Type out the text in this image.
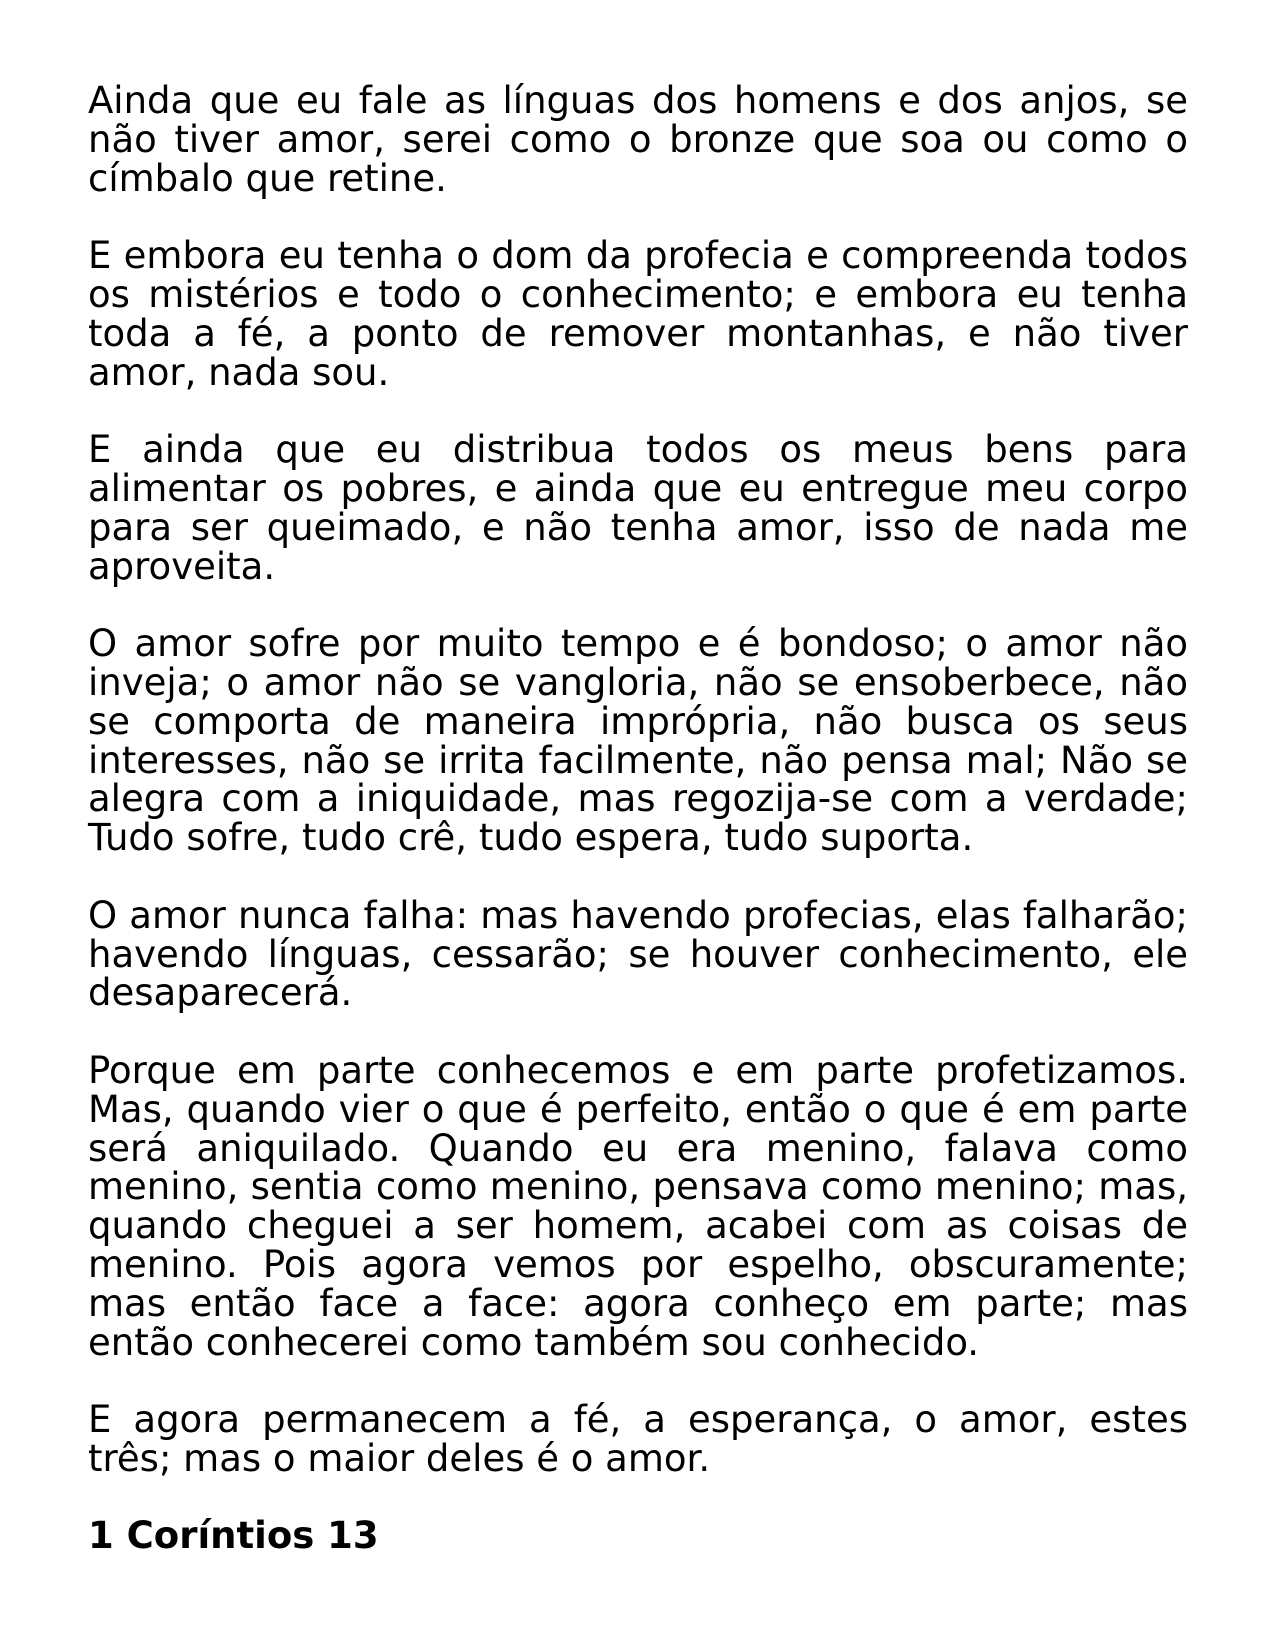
Ainda que eu fale as línguas dos homens e dos anjos, se não tiver amor, serei como o bronze que soa ou como o címbalo que retine.

E embora eu tenha o dom da profecia e compreenda todos os mistérios e todo o conhecimento; e embora eu tenha toda a fé, a ponto de remover montanhas, e não tiver amor, nada sou.

E ainda que eu distribua todos os meus bens para alimentar os pobres, e ainda que eu entregue meu corpo para ser queimado, e não tenha amor, isso de nada me aproveita.

O amor sofre por muito tempo e é bondoso; o amor não inveja; o amor não se vangloria, não se ensoberbece, não se comporta de maneira imprópria, não busca os seus interesses, não se irrita facilmente, não pensa mal; Não se alegra com a iniquidade, mas regozija-se com a verdade; Tudo sofre, tudo crê, tudo espera, tudo suporta.

O amor nunca falha: mas havendo profecias, elas falharão; havendo línguas, cessarão; se houver conhecimento, ele desaparecerá.

Porque em parte conhecemos e em parte profetizamos. Mas, quando vier o que é perfeito, então o que é em parte será aniquilado. Quando eu era menino, falava como menino, sentia como menino, pensava como menino; mas, quando cheguei a ser homem, acabei com as coisas de menino. Pois agora vemos por espelho, obscuramente; mas então face a face: agora conheço em parte; mas então conhecerei como também sou conhecido.

E agora permanecem a fé, a esperança, o amor, estes três; mas o maior deles é o amor.

1 Coríntios 13
